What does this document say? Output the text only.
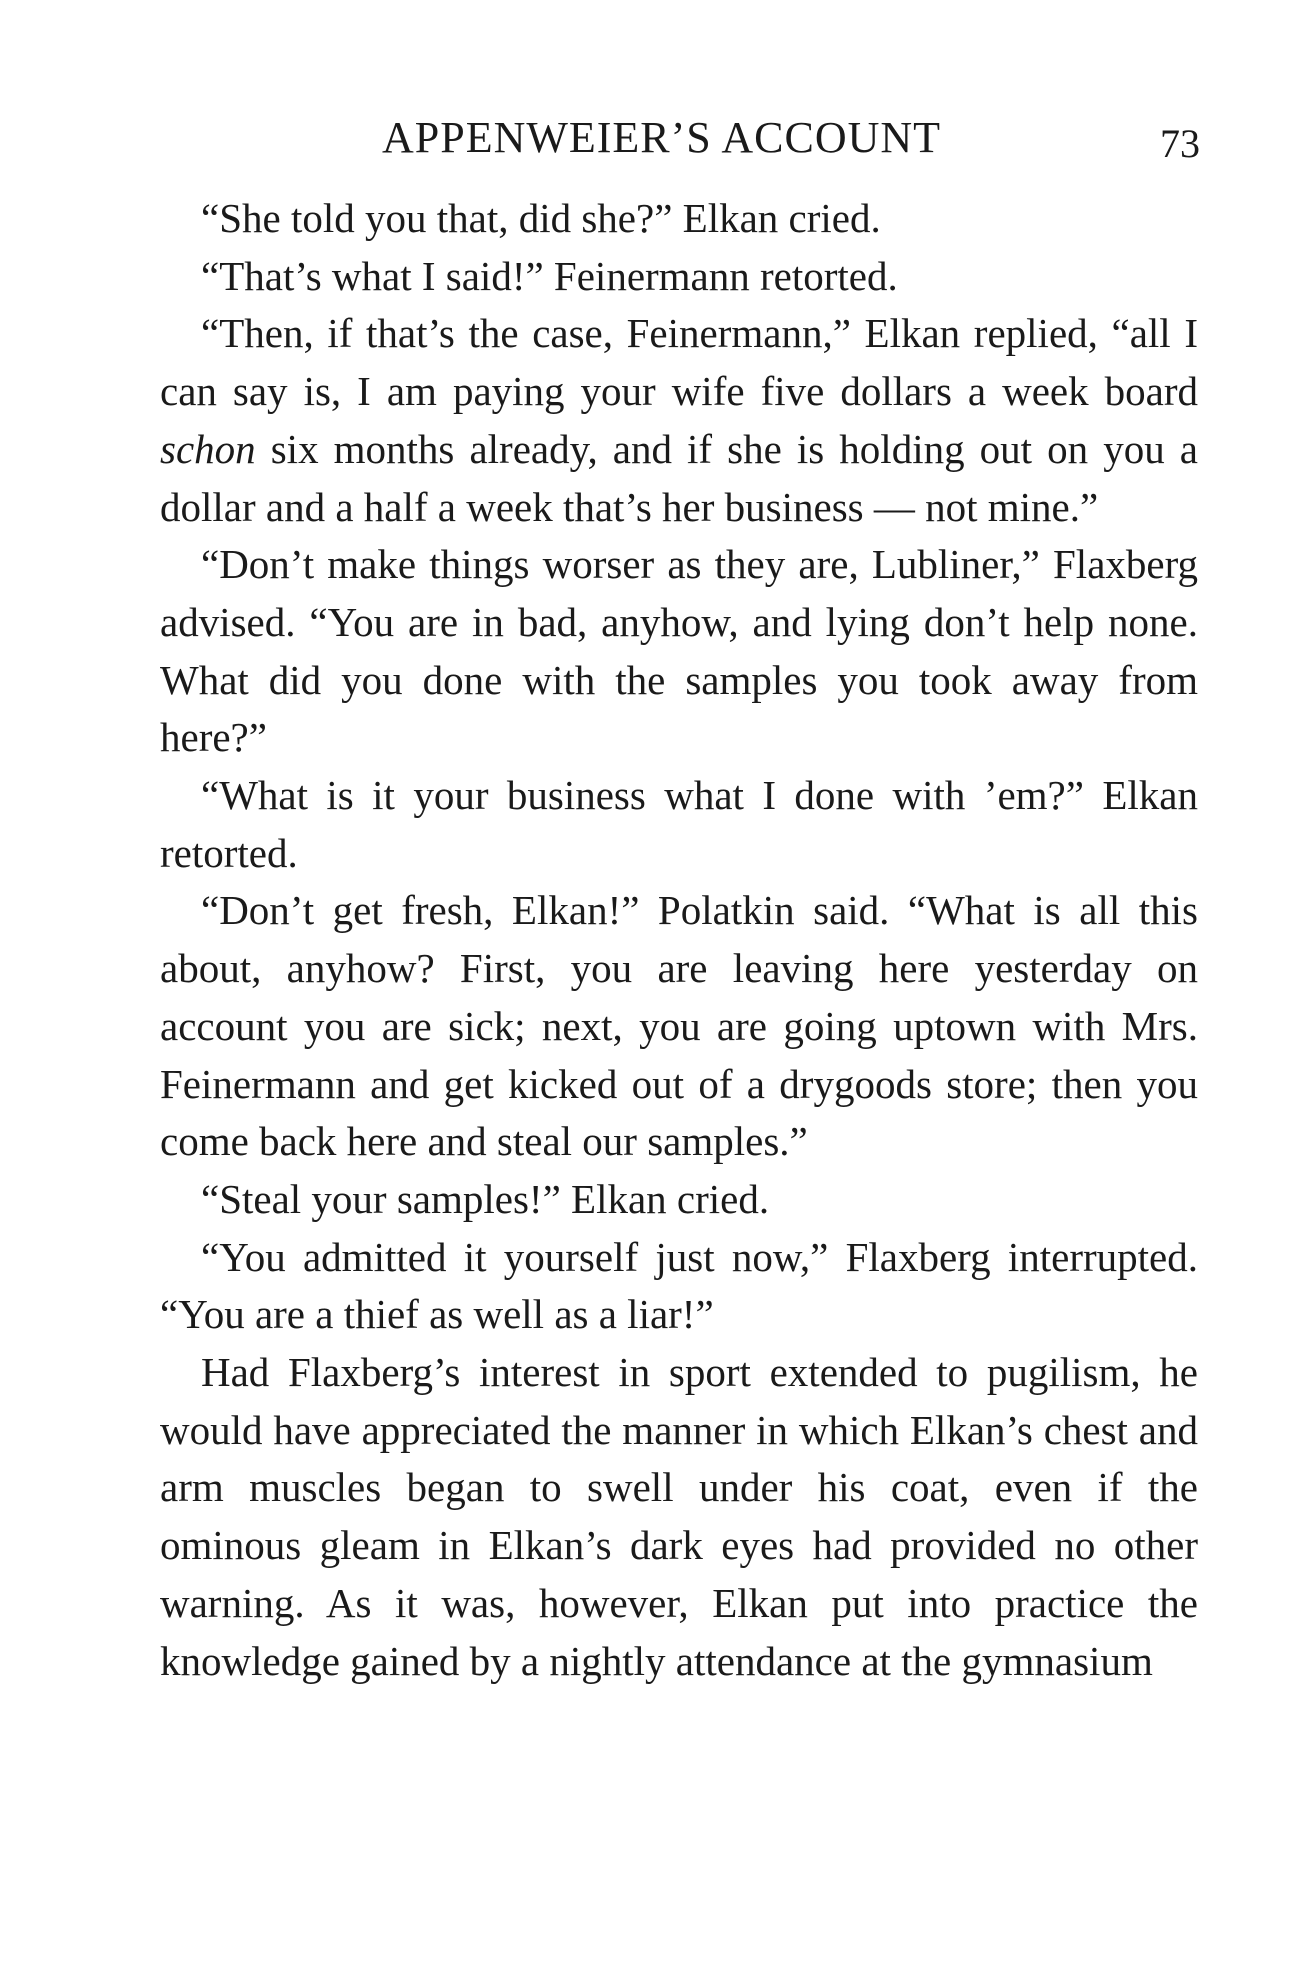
APPENWEIER’S ACCOUNT	73

“She told you that, did she?” Elkan cried.

“That’s what I said!” Feinermann retorted.

“Then, if that’s the case, Feinermann,” Elkan replied, “all I can say is, I am paying your wife five dollars a week board schon six months already, and if she is holding out on you a dollar and a half a week that’s her business — not mine.”

“Don’t make things worser as they are, Lubliner,” Flaxberg advised. “You are in bad, anyhow, and lying don’t help none. What did you done with the samples you took away from here?”

“What is it your business what I done with ’em?” Elkan retorted.

“Don’t get fresh, Elkan!” Polatkin said. “What is all this about, anyhow? First, you are leaving here yesterday on account you are sick; next, you are going uptown with Mrs. Feinermann and get kicked out of a drygoods store; then you come back here and steal our samples.”

“Steal your samples!” Elkan cried.

“You admitted it yourself just now,” Flaxberg interrupted. “You are a thief as well as a liar!”

Had Flaxberg’s interest in sport extended to pugilism, he would have appreciated the manner in which Elkan’s chest and arm muscles began to swell under his coat, even if the ominous gleam in Elkan’s dark eyes had provided no other warning. As it was, however, Elkan put into practice the knowledge gained by a nightly attendance at the gymnasium
